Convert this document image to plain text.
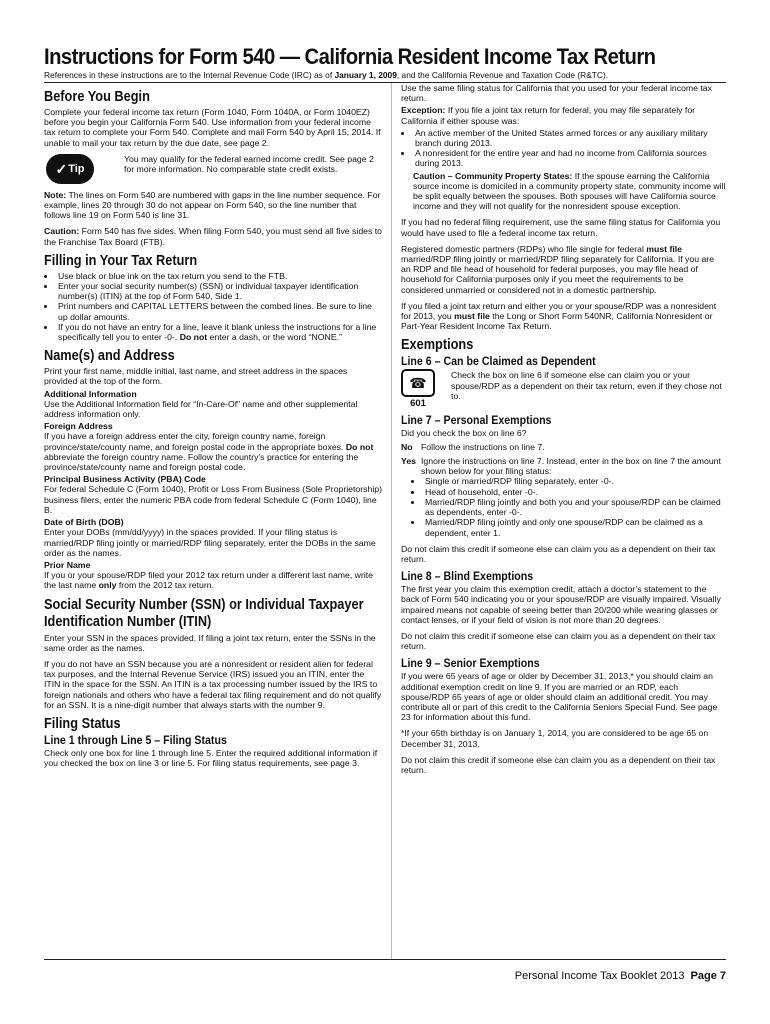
Instructions for Form 540 — California Resident Income Tax Return
References in these instructions are to the Internal Revenue Code (IRC) as of January 1, 2009, and the California Revenue and Taxation Code (R&TC).
Before You Begin

Complete your federal income tax return (Form 1040, Form 1040A, or Form 1040EZ) before you begin your California Form 540. Use information from your federal income tax return to complete your Form 540. Complete and mail Form 540 by April 15, 2014. If unable to mail your tax return by the due date, see page 2.

✓ Tip
You may qualify for the federal earned income credit. See page 2 for more information. No comparable state credit exists.

Note: The lines on Form 540 are numbered with gaps in the line number sequence. For example, lines 20 through 30 do not appear on Form 540, so the line number that follows line 19 on Form 540 is line 31.

Caution: Form 540 has five sides. When filing Form 540, you must send all five sides to the Franchise Tax Board (FTB).

Filling in Your Tax Return
• Use black or blue ink on the tax return you send to the FTB.
• Enter your social security number(s) (SSN) or individual taxpayer identification number(s) (ITIN) at the top of Form 540, Side 1.
• Print numbers and CAPITAL LETTERS between the combed lines. Be sure to line up dollar amounts.
• If you do not have an entry for a line, leave it blank unless the instructions for a line specifically tell you to enter -0-. Do not enter a dash, or the word “NONE.”
Name(s) and Address

Print your first name, middle initial, last name, and street address in the spaces provided at the top of the form.

Additional Information

Use the Additional Information field for “In-Care-Of” name and other supplemental address information only.

Foreign Address

If you have a foreign address enter the city, foreign country name, foreign province/state/county name, and foreign postal code in the appropriate boxes. Do not abbreviate the foreign country name. Follow the country’s practice for entering the province/state/county name and foreign postal code.

Principal Business Activity (PBA) Code

For federal Schedule C (Form 1040), Profit or Loss From Business (Sole Proprietorship) business filers, enter the numeric PBA code from federal Schedule C (Form 1040), line B.

Date of Birth (DOB)

Enter your DOBs (mm/dd/yyyy) in the spaces provided. If your filing status is married/RDP filing jointly or married/RDP filing separately, enter the DOBs in the same order as the names.

Prior Name

If you or your spouse/RDP filed your 2012 tax return under a different last name, write the last name only from the 2012 tax return.

Social Security Number (SSN) or Individual Taxpayer Identification Number (ITIN)

Enter your SSN in the spaces provided. If filing a joint tax return, enter the SSNs in the same order as the names.

If you do not have an SSN because you are a nonresident or resident alien for federal tax purposes, and the Internal Revenue Service (IRS) issued you an ITIN, enter the ITIN in the space for the SSN. An ITIN is a tax processing number issued by the IRS to foreign nationals and others who have a federal tax filing requirement and do not qualify for an SSN. It is a nine-digit number that always starts with the number 9.

Filing Status
Line 1 through Line 5 – Filing Status

Check only one box for line 1 through line 5. Enter the required additional information if you checked the box on line 3 or line 5. For filing status requirements, see page 3.

Use the same filing status for California that you used for your federal income tax return.

Exception: If you file a joint tax return for federal, you may file separately for California if either spouse was:

• An active member of the United States armed forces or any auxiliary military branch during 2013.
• A nonresident for the entire year and had no income from California sources during 2013.

Caution – Community Property States: If the spouse earning the California source income is domiciled in a community property state, community income will be split equally between the spouses. Both spouses will have California source income and they will not qualify for the nonresident spouse exception.

If you had no federal filing requirement, use the same filing status for California you would have used to file a federal income tax return.

Registered domestic partners (RDPs) who file single for federal must file married/RDP filing jointly or married/RDP filing separately for California. If you are an RDP and file head of household for federal purposes, you may file head of household for California purposes only if you meet the requirements to be considered unmarried or considered not in a domestic partnership.

If you filed a joint tax return and either you or your spouse/RDP was a nonresident for 2013, you must file the Long or Short Form 540NR, California Nonresident or Part-Year Resident Income Tax Return.

Exemptions
Line 6 – Can be Claimed as Dependent
☎
601
Check the box on line 6 if someone else can claim you or your spouse/RDP as a dependent on their tax return, even if they chose not to.
Line 7 – Personal Exemptions

Did you check the box on line 6?

No Follow the instructions on line 7.
Yes Ignore the instructions on line 7. Instead, enter in the box on line 7 the amount shown below for your filing status:
• Single or married/RDP filing separately, enter -0-.
• Head of household, enter -0-.
• Married/RDP filing jointly and both you and your spouse/RDP can be claimed as dependents, enter -0-.
• Married/RDP filing jointly and only one spouse/RDP can be claimed as a dependent, enter 1.

Do not claim this credit if someone else can claim you as a dependent on their tax return.

Line 8 – Blind Exemptions

The first year you claim this exemption credit, attach a doctor’s statement to the back of Form 540 indicating you or your spouse/RDP are visually impaired. Visually impaired means not capable of seeing better than 20/200 while wearing glasses or contact lenses, or if your field of vision is not more than 20 degrees.

Do not claim this credit if someone else can claim you as a dependent on their tax return.

Line 9 – Senior Exemptions

If you were 65 years of age or older by December 31, 2013,* you should claim an additional exemption credit on line 9. If you are married or an RDP, each spouse/RDP 65 years of age or older should claim an additional credit. You may contribute all or part of this credit to the California Seniors Special Fund. See page 23 for information about this fund.

*If your 65th birthday is on January 1, 2014, you are considered to be age 65 on December 31, 2013.

Do not claim this credit if someone else can claim you as a dependent on their tax return.

Personal Income Tax Booklet 2013 Page 7
